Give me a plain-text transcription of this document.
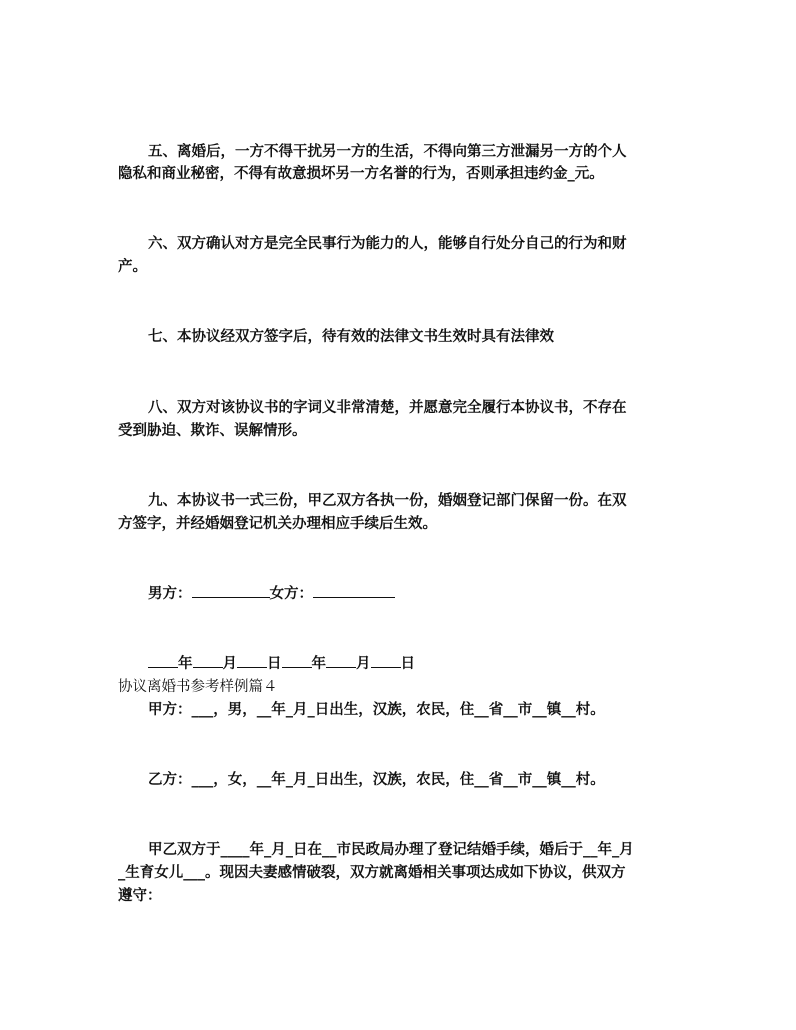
五、离婚后，一方不得干扰另一方的生活，不得向第三方泄漏另一方的个人

隐私和商业秘密，不得有故意损坏另一方名誉的行为，否则承担违约金_元。

六、双方确认对方是完全民事行为能力的人，能够自行处分自己的行为和财

产。

七、本协议经双方签字后，待有效的法律文书生效时具有法律效

八、双方对该协议书的字词义非常清楚，并愿意完全履行本协议书，不存在

受到胁迫、欺诈、误解情形。

九、本协议书一式三份，甲乙双方各执一份，婚姻登记部门保留一份。在双

方签字，并经婚姻登记机关办理相应手续后生效。

男方：	女方：

年 月 日 年 月 日

协议离婚书参考样例篇４

甲方：___，男，__年_月_日出生，汉族，农民，住__省__市__镇__村。

乙方：___，女，__年_月_日出生，汉族，农民，住__省__市__镇__村。

甲乙双方于____年_月_日在__市民政局办理了登记结婚手续，婚后于__年_月

_生育女儿___。现因夫妻感情破裂，双方就离婚相关事项达成如下协议，供双方

遵守：
